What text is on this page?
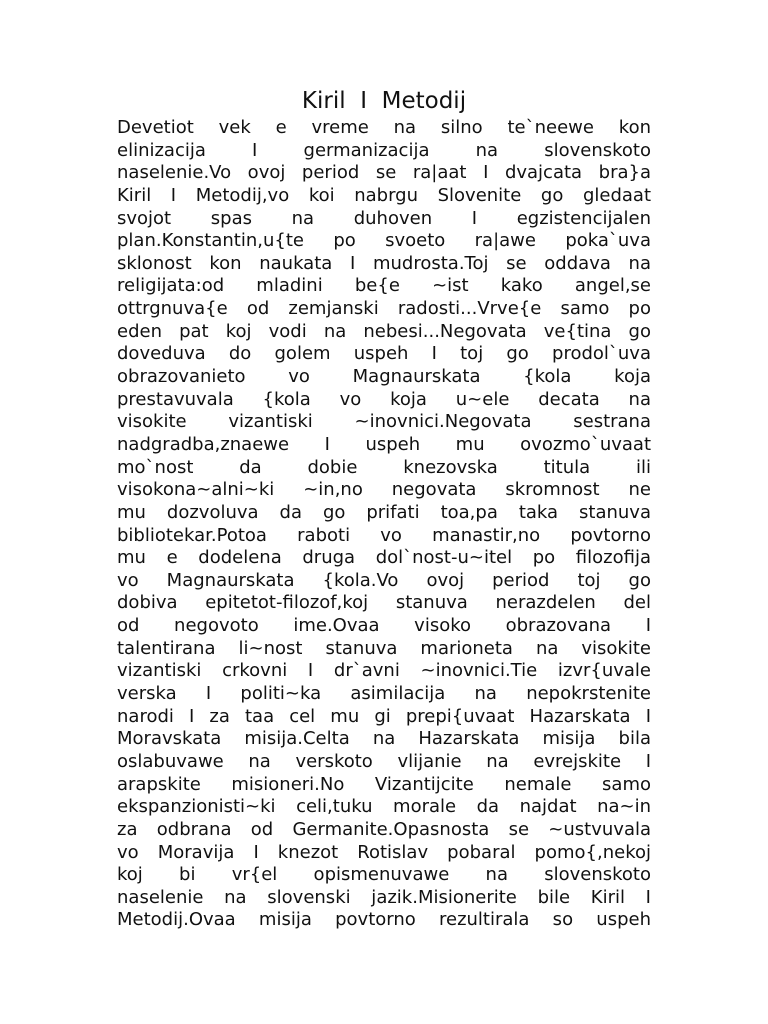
Kiril  I  Metodij
Devetiot vek e vreme na silno te`neewe kon
elinizacija I germanizacija na slovenskoto
naselenie.Vo ovoj period se ra|aat I dvajcata bra}a
Kiril I Metodij,vo koi nabrgu Slovenite go gledaat
svojot spas na duhoven I egzistencijalen
plan.Konstantin,u{te po svoeto ra|awe poka`uva
sklonost kon naukata I mudrosta.Toj se oddava na
religijata:od mladini be{e ~ist kako angel,se
ottrgnuva{e od zemjanski radosti...Vrve{e samo po
eden pat koj vodi na nebesi...Negovata ve{tina go
doveduva do golem uspeh I toj go prodol`uva
obrazovanieto vo Magnaurskata {kola koja
prestavuvala {kola vo koja u~ele decata na
visokite vizantiski ~inovnici.Negovata sestrana
nadgradba,znaewe I uspeh mu ovozmo`uvaat
mo`nost da dobie knezovska titula ili
visokona~alni~ki ~in,no negovata skromnost ne
mu dozvoluva da go prifati toa,pa taka stanuva
bibliotekar.Potoa raboti vo manastir,no povtorno
mu e dodelena druga dol`nost-u~itel po filozofija
vo Magnaurskata {kola.Vo ovoj period toj go
dobiva epitetot-filozof,koj stanuva nerazdelen del
od negovoto ime.Ovaa visoko obrazovana I
talentirana li~nost stanuva marioneta na visokite
vizantiski crkovni I dr`avni ~inovnici.Tie izvr{uvale
verska I politi~ka asimilacija na nepokrstenite
narodi I za taa cel mu gi prepi{uvaat Hazarskata I
Moravskata misija.Celta na Hazarskata misija bila
oslabuvawe na verskoto vlijanie na evrejskite I
arapskite misioneri.No Vizantijcite nemale samo
ekspanzionisti~ki celi,tuku morale da najdat na~in
za odbrana od Germanite.Opasnosta se ~ustvuvala
vo Moravija I knezot Rotislav pobaral pomo{,nekoj
koj bi vr{el opismenuvawe na slovenskoto
naselenie na slovenski jazik.Misionerite bile Kiril I
Metodij.Ovaa misija povtorno rezultirala so uspeh
